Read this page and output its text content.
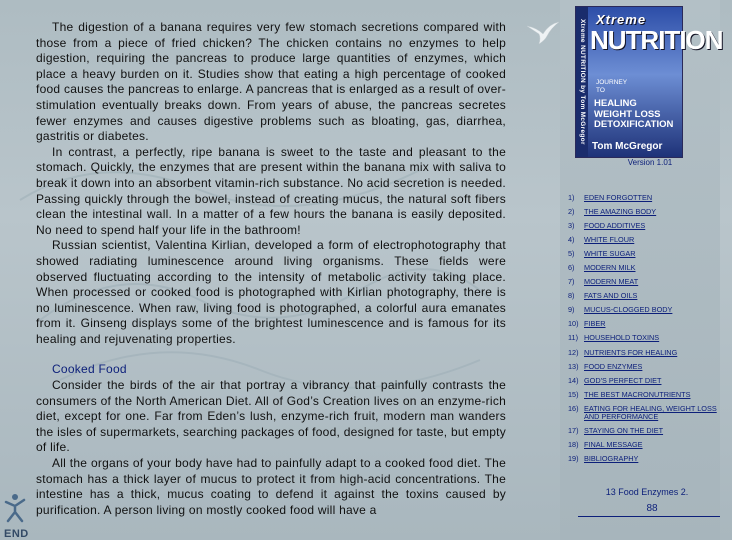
Xtreme NUTRITION by Tom McGregor Xtreme
NUTRITION
JOURNEY
TO
HEALING
WEIGHT LOSS
DETOXIFICATION
Tom McGregor
Version 1.01
1)	EDEN FORGOTTEN
2)	THE AMAZING BODY
3)	FOOD ADDITIVES
4)	WHITE FLOUR
5)	WHITE SUGAR
6)	MODERN MILK
7)	MODERN MEAT
8)	FATS AND OILS
9)	MUCUS-CLOGGED BODY
10) FIBER
11) HOUSEHOLD TOXINS
12) NUTRIENTS FOR HEALING
13) FOOD ENZYMES
14) GOD'S PERFECT DIET
15) THE BEST MACRONUTRIENTS
16) EATING FOR HEALING, WEIGHT LOSS AND PERFORMANCE
17) STAYING ON THE DIET
18) FINAL MESSAGE
19) BIBLIOGRAPHY
13 Food Enzymes 2.
88

The digestion of a banana requires very few stomach secretions compared with those from a piece of fried chicken? The chicken contains no enzymes to help digestion, requiring the pancreas to produce large quantities of enzymes, which place a heavy burden on it. Studies show that eating a high percentage of cooked food causes the pancreas to enlarge. A pancreas that is enlarged as a result of over-stimulation eventually breaks down. From years of abuse, the pancreas secretes fewer enzymes and causes digestive problems such as bloating, gas, diarrhea, gastritis or diabetes.

In contrast, a perfectly, ripe banana is sweet to the taste and pleasant to the stomach. Quickly, the enzymes that are present within the banana mix with saliva to break it down into an absorbent vitamin-rich substance. No acid secretion is needed. Passing quickly through the bowel, instead of creating mucus, the natural soft fibers clean the intestinal wall. In a matter of a few hours the banana is easily deposited. No need to spend half your life in the bathroom!

Russian scientist, Valentina Kirlian, developed a form of electrophotography that showed radiating luminescence around living organisms. These fields were observed fluctuating according to the intensity of metabolic activity taking place. When processed or cooked food is photographed with Kirlian photography, there is no luminescence. When raw, living food is photographed, a colorful aura emanates from it. Ginseng displays some of the brightest luminescence and is famous for its healing and rejuvenating properties.

Cooked Food

Consider the birds of the air that portray a vibrancy that painfully contrasts the consumers of the North American Diet. All of God’s Creation lives on an enzyme-rich diet, except for one. Far from Eden’s lush, enzyme-rich fruit, modern man wanders the isles of supermarkets, searching packages of food, designed for taste, but empty of life.

All the organs of your body have had to painfully adapt to a cooked food diet. The stomach has a thick layer of mucus to protect it from high-acid concentrations. The intestine has a thick, mucus coating to defend it against the toxins caused by purification. A person living on mostly cooked food will have a

END
